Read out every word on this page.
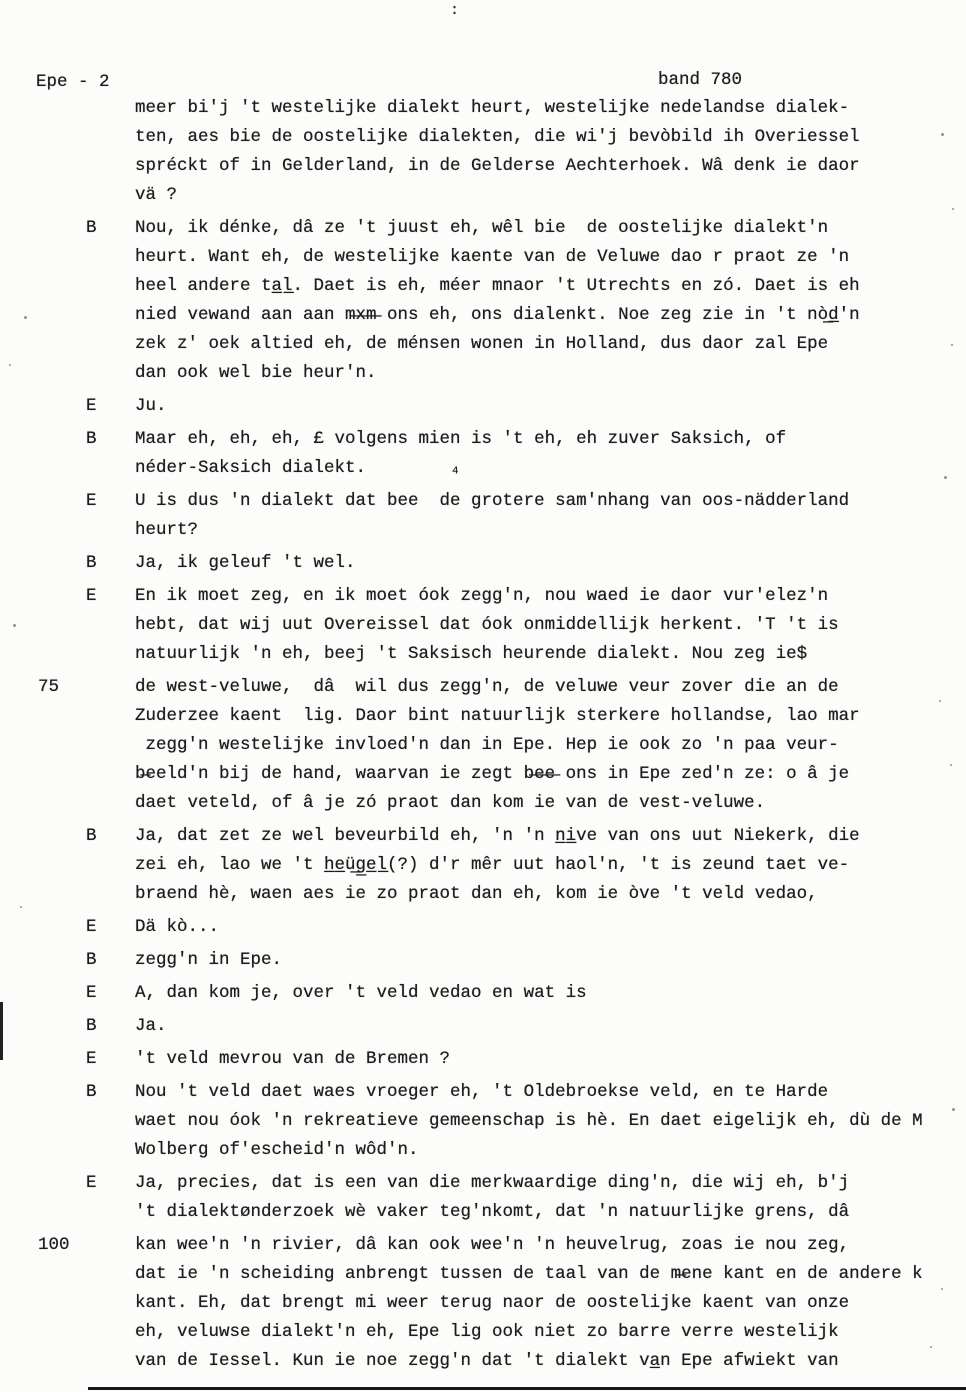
:
Epe - 2	band 780
meer bi'j 't westelijke dialekt heurt, westelijke nedelandse dialek-
ten, aes bie de oostelijke dialekten, die wi'j bevòbild ih Overiessel
spréckt of in Gelderland, in de Gelderse Aechterhoek. Wâ denk ie daor
vä ?
B	Nou, ik dénke, dâ ze 't juust eh, wêl bie  de oostelijke dialekt'n
heurt. Want eh, de westelijke kaente van de Veluwe dao r praot ze 'n
heel andere ta̲l̲. Daet is eh, méer mnaor 't Utrechts en zó. Daet is eh
nied vewand aan aan m̶x̶m̶ ons eh, ons dialenkt. Noe zeg zie in 't nò̲d̲'n
zek z' oek altied eh, de ménsen wonen in Holland, dus daor zal Epe
dan ook wel bie heur'n.
E	Ju.
B	Maar eh, eh, eh, £ volgens mien is 't eh, eh zuver Saksich, of
néder-Saksich dialekt.        ₄
E	U is dus 'n dialekt dat bee  de grotere sam'nhang van oos-nädderland
heurt?
B	Ja, ik geleuf 't wel.
E	En ik moet zeg, en ik moet óok zegg'n, nou waed ie daor vur'elez'n
hebt, dat wij uut Overeissel dat óok onmiddellijk herkent. 'T 't is
natuurlijk 'n eh, beej 't Saksisch heurende dialekt. Nou zeg ie$
75	de west-veluwe,  dâ  wil dus zegg'n, de veluwe veur zover die an de
Zuderzee kaent  lig. Daor bint natuurlijk sterkere hollandse, lao mar
zegg'n westelijke invloed'n dan in Epe. Hep ie ook zo 'n paa veur-
b̶eeld'n bij de hand, waarvan ie zegt b̶e̶e̶ ons in Epe zed'n ze: o â je
daet veteld, of â je zó praot dan kom ie van de vest-veluwe.
B	Ja, dat zet ze wel beveurbild eh, 'n 'n n̲i̲ve van ons uut Niekerk, die
zei eh, lao we 't h̲e̲ü̲g̲e̲l̲(?) d'r mêr uut haol'n, 't is zeund taet ve-
braend hè, waen aes ie zo praot dan eh, kom ie òve 't veld vedao,
E	Dä kò...
B	zegg'n in Epe.
E	A, dan kom je, over 't veld vedao en wat is
B	Ja.
E	't veld mevrou van de Bremen ?
B	Nou 't veld daet waes vroeger eh, 't Oldebroekse veld, en te Harde
waet nou óok 'n rekreatieve gemeenschap is hè. En daet eigelijk eh, dù de M
Wolberg of'escheid'n wôd'n.
E	Ja, precies, dat is een van die merkwaardige ding'n, die wij eh, b'j
't dialektønderzoek wè vaker teg'nkomt, dat 'n natuurlijke grens, dâ
100	kan wee'n 'n rivier, dâ kan ook wee'n 'n heuvelrug, zoas ie nou zeg,
dat ie 'n scheiding anbrengt tussen de taal van de m̶ene kant en de andere k
kant. Eh, dat brengt mi weer terug naor de oostelijke kaent van onze
eh, veluwse dialekt'n eh, Epe lig ook niet zo barre verre westelijk
van de Iessel. Kun ie noe zegg'n dat 't dialekt va̲n Epe afwiekt van
